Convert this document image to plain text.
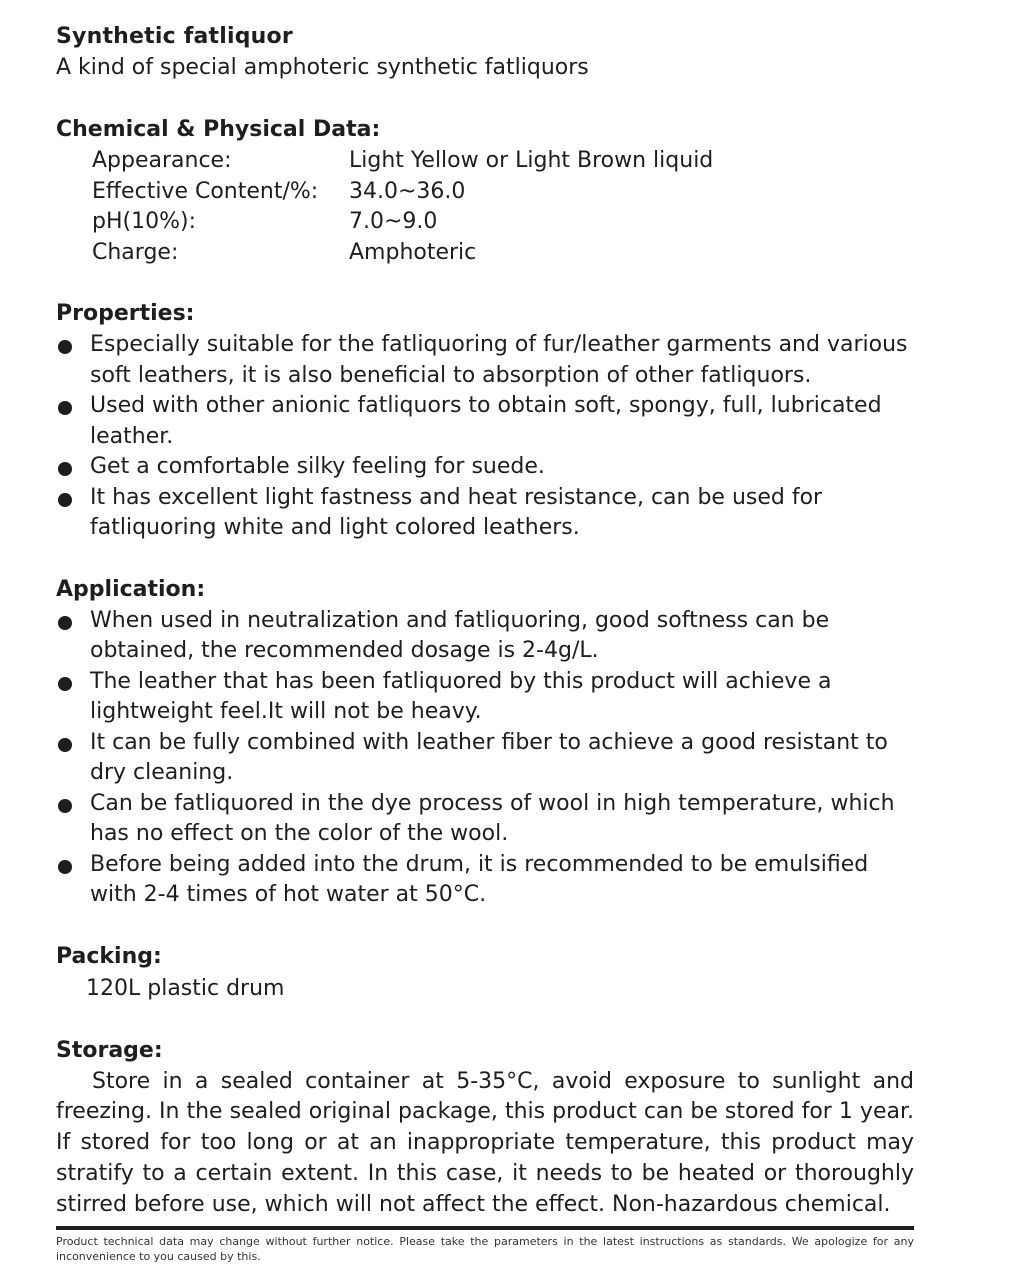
Synthetic fatliquor

A kind of special amphoteric synthetic fatliquors

Chemical & Physical Data:
Appearance:	Light Yellow or Light Brown liquid
Effective Content/%:	34.0~36.0
pH(10%):	7.0~9.0
Charge:	Amphoteric
Properties:
Especially suitable for the fatliquoring of fur/leather garments and various soft leathers, it is also beneficial to absorption of other fatliquors.
Used with other anionic fatliquors to obtain soft, spongy, full, lubricated leather.
Get a comfortable silky feeling for suede.
It has excellent light fastness and heat resistance, can be used for fatliquoring white and light colored leathers.
Application:
When used in neutralization and fatliquoring, good softness can be obtained, the recommended dosage is 2-4g/L.
The leather that has been fatliquored by this product will achieve a lightweight feel.It will not be heavy.
It can be fully combined with leather fiber to achieve a good resistant to dry cleaning.
Can be fatliquored in the dye process of wool in high temperature, which has no effect on the color of the wool.
Before being added into the drum, it is recommended to be emulsified with 2-4 times of hot water at 50°C.
Packing:

120L plastic drum

Storage:

Store in a sealed container at 5-35°C, avoid exposure to sunlight and freezing. In the sealed original package, this product can be stored for 1 year. If stored for too long or at an inappropriate temperature, this product may stratify to a certain extent. In this case, it needs to be heated or thoroughly stirred before use, which will not affect the effect. Non-hazardous chemical.

Product technical data may change without further notice. Please take the parameters in the latest instructions as standards. We apologize for any inconvenience to you caused by this.
